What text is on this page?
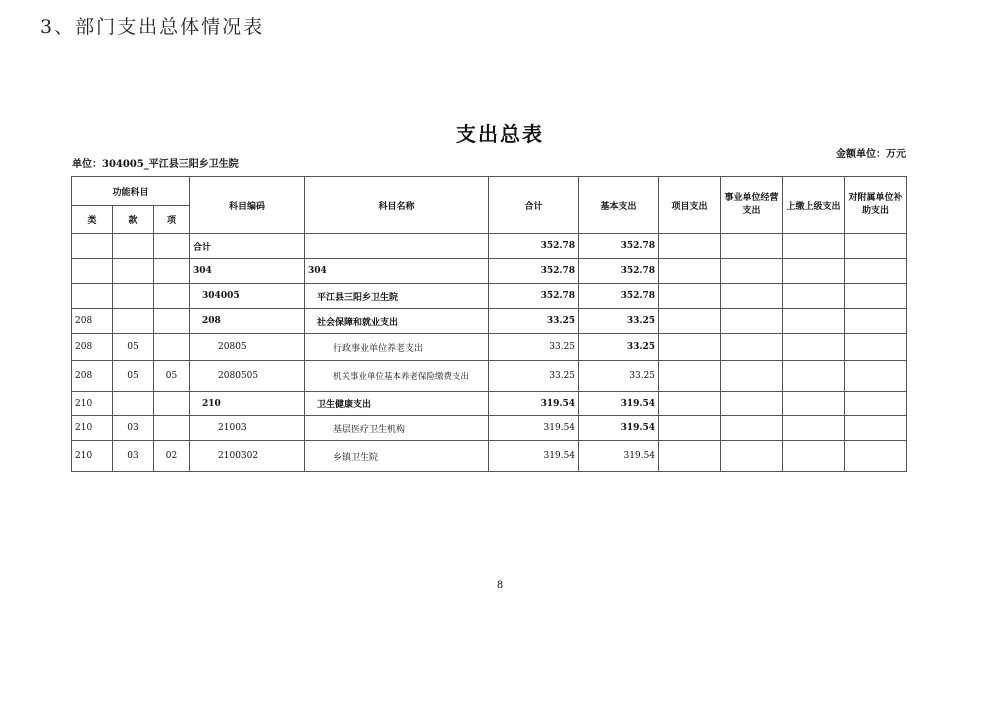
3、部门支出总体情况表
支出总表
单位：304005_平江县三阳乡卫生院
金额单位：万元
功能科目			科目编码	科目名称	合计	基本支出	项目支出	事业单位经营支出	上缴上级支出	对附属单位补助支出
类	款	项								
			合计		352.78	352.78				
			304	304	352.78	352.78				
			304005	平江县三阳乡卫生院	352.78	352.78				
208			208	社会保障和就业支出	33.25	33.25				
208	05		20805	行政事业单位养老支出	33.25	33.25				
208	05	05	2080505	机关事业单位基本养老保险缴费支出	33.25	33.25				
210			210	卫生健康支出	319.54	319.54				
210	03		21003	基层医疗卫生机构	319.54	319.54				
210	03	02	2100302	乡镇卫生院	319.54	319.54				
8
